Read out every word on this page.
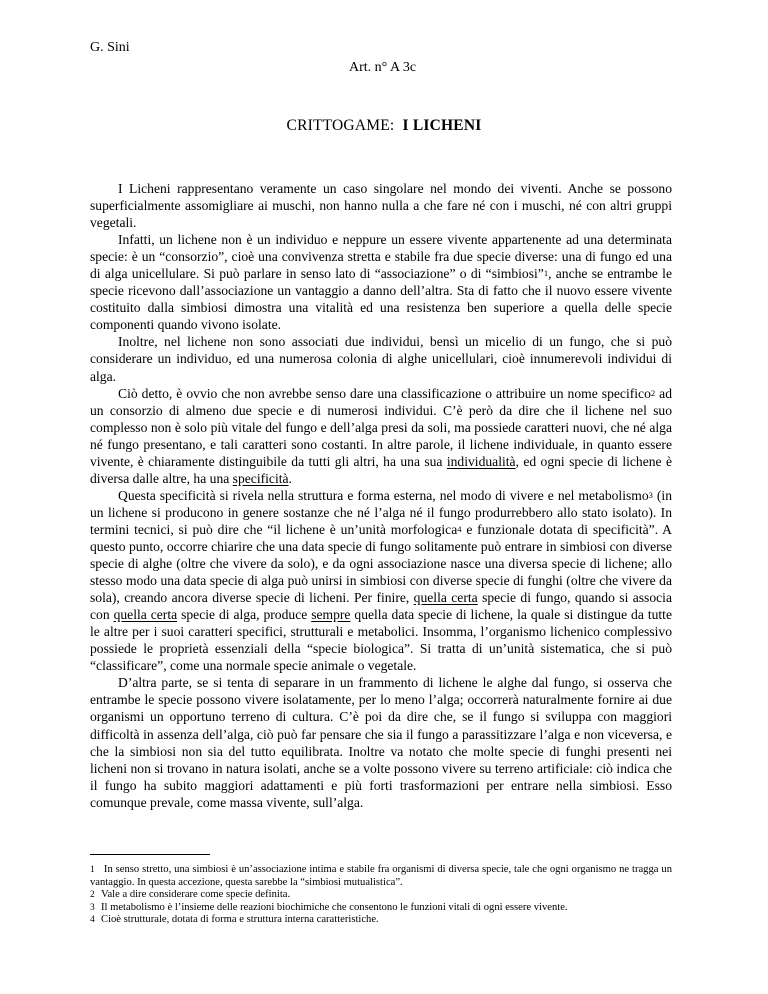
G. Sini
Art. n° A 3c
CRITTOGAME: I LICHENI

I Licheni rappresentano veramente un caso singolare nel mondo dei viventi. Anche se possono superficialmente assomigliare ai muschi, non hanno nulla a che fare né con i muschi, né con altri gruppi vegetali.

Infatti, un lichene non è un individuo e neppure un essere vivente appartenente ad una determinata specie: è un “consorzio”, cioè una convivenza stretta e stabile fra due specie diverse: una di fungo ed una di alga unicellulare. Si può parlare in senso lato di “associazione” o di “simbiosi”$^1$, anche se entrambe le specie ricevono dall’associazione un vantaggio a danno dell’altra. Sta di fatto che il nuovo essere vivente costituito dalla simbiosi dimostra una vitalità ed una resistenza ben superiore a quella delle specie componenti quando vivono isolate.

Inoltre, nel lichene non sono associati due individui, bensì un micelio di un fungo, che si può considerare un individuo, ed una numerosa colonia di alghe unicellulari, cioè innumerevoli individui di alga.

Ciò detto, è ovvio che non avrebbe senso dare una classificazione o attribuire un nome specifico$^2$ ad un consorzio di almeno due specie e di numerosi individui. C’è però da dire che il lichene nel suo complesso non è solo più vitale del fungo e dell’alga presi da soli, ma possiede caratteri nuovi, che né alga né fungo presentano, e tali caratteri sono costanti. In altre parole, il lichene individuale, in quanto essere vivente, è chiaramente distinguibile da tutti gli altri, ha una sua individualità, ed ogni specie di lichene è diversa dalle altre, ha una specificità.

Questa specificità si rivela nella struttura e forma esterna, nel modo di vivere e nel metabolismo$^3$ (in un lichene si producono in genere sostanze che né l’alga né il fungo produrrebbero allo stato isolato). In termini tecnici, si può dire che “il lichene è un’unità morfologica$^4$ e funzionale dotata di specificità”. A questo punto, occorre chiarire che una data specie di fungo solitamente può entrare in simbiosi con diverse specie di alghe (oltre che vivere da solo), e da ogni associazione nasce una diversa specie di lichene; allo stesso modo una data specie di alga può unirsi in simbiosi con diverse specie di funghi (oltre che vivere da sola), creando ancora diverse specie di licheni. Per finire, quella certa specie di fungo, quando si associa con quella certa specie di alga, produce sempre quella data specie di lichene, la quale si distingue da tutte le altre per i suoi caratteri specifici, strutturali e metabolici. Insomma, l’organismo lichenico complessivo possiede le proprietà essenziali della “specie biologica”. Si tratta di un’unità sistematica, che si può “classificare”, come una normale specie animale o vegetale.

D’altra parte, se si tenta di separare in un frammento di lichene le alghe dal fungo, si osserva che entrambe le specie possono vivere isolatamente, per lo meno l’alga; occorrerà naturalmente fornire ai due organismi un opportuno terreno di cultura. C’è poi da dire che, se il fungo si sviluppa con maggiori difficoltà in assenza dell’alga, ciò può far pensare che sia il fungo a parassitizzare l’alga e non viceversa, e che la simbiosi non sia del tutto equilibrata. Inoltre va notato che molte specie di funghi presenti nei licheni non si trovano in natura isolati, anche se a volte possono vivere su terreno artificiale: ciò indica che il fungo ha subito maggiori adattamenti e più forti trasformazioni per entrare nella simbiosi. Esso comunque prevale, come massa vivente, sull’alga.

1 In senso stretto, una simbiosi è un’associazione intima e stabile fra organismi di diversa specie, tale che ogni organismo ne tragga un vantaggio. In questa accezione, questa sarebbe la “simbiosi mutualistica”.
2 Vale a dire considerare come specie definita.
3 Il metabolismo è l’insieme delle reazioni biochimiche che consentono le funzioni vitali di ogni essere vivente.
4 Cioè strutturale, dotata di forma e struttura interna caratteristiche.
